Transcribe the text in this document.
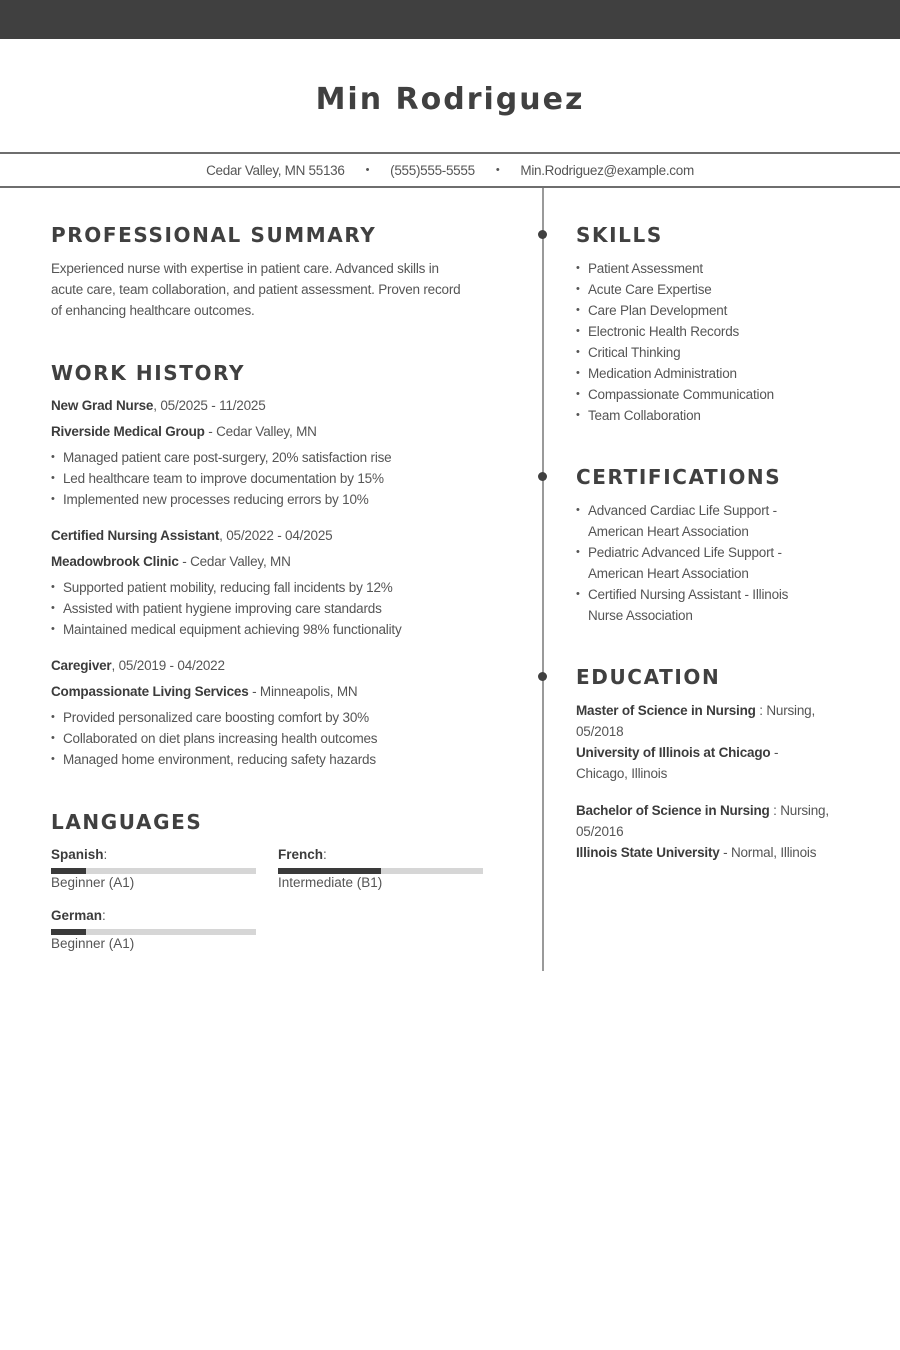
Min Rodriguez
Cedar Valley, MN 55136 • (555)555-5555 • Min.Rodriguez@example.com
PROFESSIONAL SUMMARY
Experienced nurse with expertise in patient care. Advanced skills in
acute care, team collaboration, and patient assessment. Proven record
of enhancing healthcare outcomes.
WORK HISTORY
New Grad Nurse, 05/2025 - 11/2025
Riverside Medical Group - Cedar Valley, MN
• Managed patient care post-surgery, 20% satisfaction rise
• Led healthcare team to improve documentation by 15%
• Implemented new processes reducing errors by 10%
Certified Nursing Assistant, 05/2022 - 04/2025
Meadowbrook Clinic - Cedar Valley, MN
• Supported patient mobility, reducing fall incidents by 12%
• Assisted with patient hygiene improving care standards
• Maintained medical equipment achieving 98% functionality
Caregiver, 05/2019 - 04/2022
Compassionate Living Services - Minneapolis, MN
• Provided personalized care boosting comfort by 30%
• Collaborated on diet plans increasing health outcomes
• Managed home environment, reducing safety hazards
LANGUAGES
Spanish:
Beginner (A1)
French:
Intermediate (B1)
German:
Beginner (A1)
SKILLS
• Patient Assessment
• Acute Care Expertise
• Care Plan Development
• Electronic Health Records
• Critical Thinking
• Medication Administration
• Compassionate Communication
• Team Collaboration
CERTIFICATIONS
• Advanced Cardiac Life Support -
American Heart Association
• Pediatric Advanced Life Support -
American Heart Association
• Certified Nursing Assistant - Illinois
Nurse Association
EDUCATION
Master of Science in Nursing : Nursing,
05/2018
University of Illinois at Chicago -
Chicago, Illinois
Bachelor of Science in Nursing : Nursing,
05/2016
Illinois State University - Normal, Illinois
